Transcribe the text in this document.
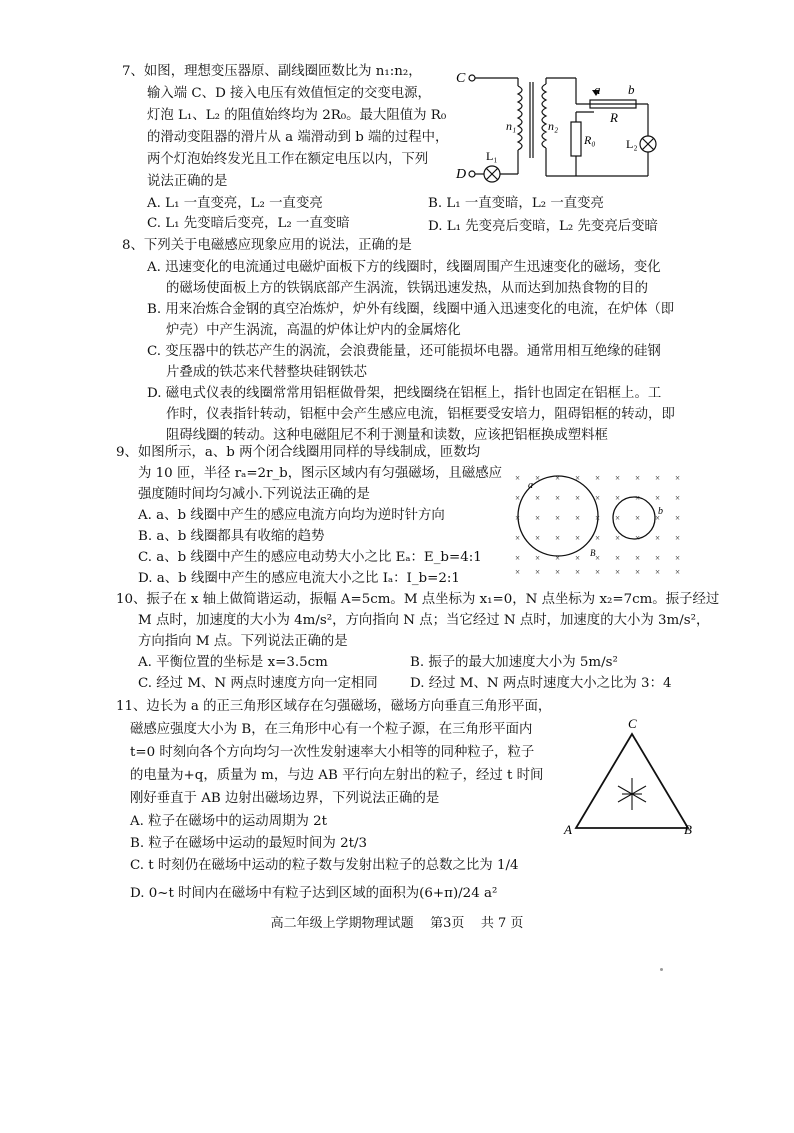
7、如图，理想变压器原、副线圈匝数比为 n₁:n₂，
输入端 C、D 接入电压有效值恒定的交变电源，
灯泡 L₁、L₂ 的阻值始终均为 2R₀。最大阻值为 R₀
的滑动变阻器的滑片从 a 端滑动到 b 端的过程中，
两个灯泡始终发光且工作在额定电压以内，下列
说法正确的是
A. L₁ 一直变亮，L₂ 一直变亮	B. L₁ 一直变暗，L₂ 一直变亮
C. L₁ 先变暗后变亮，L₂ 一直变暗	D. L₁ 先变亮后变暗，L₂ 先变亮后变暗
C
D
a b
R
n₁	n₂
R₀	L₂
L₁
8、下列关于电磁感应现象应用的说法，正确的是
A. 迅速变化的电流通过电磁炉面板下方的线圈时，线圈周围产生迅速变化的磁场，变化
的磁场使面板上方的铁锅底部产生涡流，铁锅迅速发热，从而达到加热食物的目的
B. 用来冶炼合金钢的真空冶炼炉，炉外有线圈，线圈中通入迅速变化的电流，在炉体（即
炉壳）中产生涡流，高温的炉体让炉内的金属熔化
C. 变压器中的铁芯产生的涡流，会浪费能量，还可能损坏电器。通常用相互绝缘的硅钢
片叠成的铁芯来代替整块硅钢铁芯
D. 磁电式仪表的线圈常常用铝框做骨架，把线圈绕在铝框上，指针也固定在铝框上。工
作时，仪表指针转动，铝框中会产生感应电流，铝框要受安培力，阻碍铝框的转动，即
阻碍线圈的转动。这种电磁阻尼不利于测量和读数，应该把铝框换成塑料框
9、如图所示，a、b 两个闭合线圈用同样的导线制成，匝数均
为 10 匝，半径 rₐ=2r_b，图示区域内有匀强磁场，且磁感应
强度随时间均匀减小.下列说法正确的是
A. a、b 线圈中产生的感应电流方向均为逆时针方向
B. a、b 线圈都具有收缩的趋势
C. a、b 线圈中产生的感应电动势大小之比 Eₐ：E_b=4:1
D. a、b 线圈中产生的感应电流大小之比 Iₐ：I_b=2:1
× × × × × × × × ×
× × × × × × × × ×
× × × × × × × × ×
× × × × × × × × ×
× × × × × × × × ×
× × × × × × × × ×
a
b
B
10、振子在 x 轴上做简谐运动，振幅 A=5cm。M 点坐标为 x₁=0，N 点坐标为 x₂=7cm。振子经过
M 点时，加速度的大小为 4m/s²，方向指向 N 点；当它经过 N 点时，加速度的大小为 3m/s²，
方向指向 M 点。下列说法正确的是
A. 平衡位置的坐标是 x=3.5cm	B. 振子的最大加速度大小为 5m/s²
C. 经过 M、N 两点时速度方向一定相同 D. 经过 M、N 两点时速度大小之比为 3：4
11、边长为 a 的正三角形区域存在匀强磁场，磁场方向垂直三角形平面，
磁感应强度大小为 B，在三角形中心有一个粒子源，在三角形平面内
t=0 时刻向各个方向均匀一次性发射速率大小相等的同种粒子，粒子
的电量为+q，质量为 m，与边 AB 平行向左射出的粒子，经过 t 时间
刚好垂直于 AB 边射出磁场边界，下列说法正确的是
A. 粒子在磁场中的运动周期为 2t
B. 粒子在磁场中运动的最短时间为 2t/3
C. t 时刻仍在磁场中运动的粒子数与发射出粒子的总数之比为 1/4
D. 0~t 时间内在磁场中有粒子达到区域的面积为(6+π)/24 a²
C
A	B
高二年级上学期物理试题    第3页    共 7 页
